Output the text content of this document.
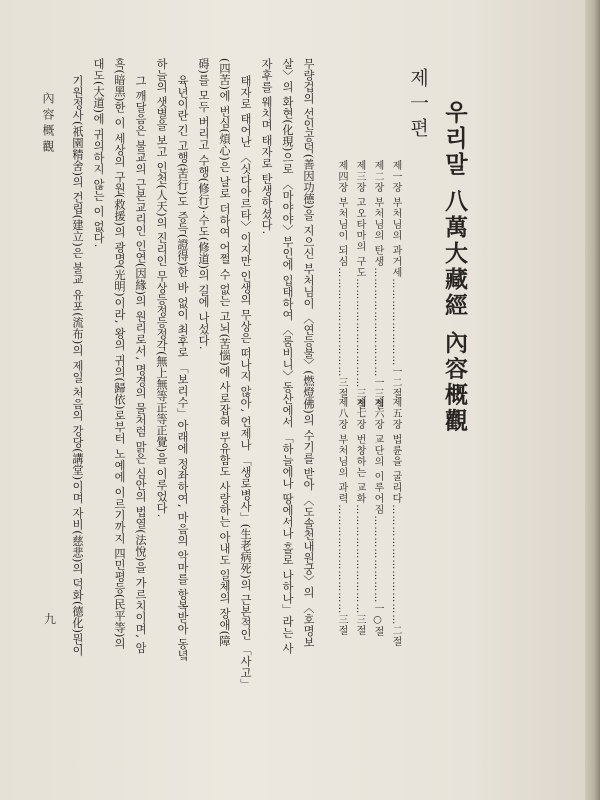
우리말 八萬大藏經 內容概觀
제一편
제一장 부처님의 과거세……………………一二절
제二장 부처님의 탄생…………………………一三절
제三장 고오타마의 구도…………………………三절
제四장 부처님이 되심…………………………三절
제五장 법륜을 굴리다……………………………二절
제六장 교단의 이루어짐……………………一○절
제七장 번창하는 교화…………………………三절
제八장 부처님의 과력…………………………三절
무량겁의 선인공덕(善因功德)을 지으신 부처님이 〈연등불〉(燃燈佛)의 수기를 받아 〈도솔천내원궁〉의 〈호명보
살〉의 화현(化現)으로 〈마야야〉부인에 입태하여 〈룸비니〉동산에서 「하늘에나 땅에서나 홀로 나하나」라는 사
자후를 웨치며 태자로 탄생하셨다.
태자로 태어난 〈싯다아르타〉이지만 인생의 무상은 떠나지 않아, 언제나 「생로병사」(生老病死)의 근본적인 「사고」
(四苦)에 번심(煩心)은 날로 더하여 어쩔 수 없는 고뇌(苦惱)에 사로잡혀 부유함도 사랑하는 아내도 일체의 장애(障
碍)를 모두 버리고 수행(修行)·수도(修道)의 길에 나섰다.
육년이란 긴 고행(苦行)도 증득(證得)한 바 없이 최후로 「보리수」아래에 정좌하여, 마음의 악마를 항복받아 동녘
하늘의 샛별을 보고 인천(人天)의 진리인 무상등정등정각(無上無等正等正覺)을 이루었다.
그 깨달음은 불교의 근본교리인 인연(因緣)의 원리로서, 명경의 물처럼 맑은 심안의 법열(法悅)을 가르치이며, 암
흑(暗黑)한 이 세상의 구원(救援)의 광명(光明)이라, 왕의 귀의(歸依)로부터 노예에 이르기까지 四민평등(民平等)의
대도(大道)에 귀의하지 않는 이 없다.
기원정사(祇園精舍)의 건립(建立)은 불교 유포(流布)의 제일 처음의 강당(講堂)이며 자비(慈悲)의 덕화(德化)뭔이
內容概觀
九
